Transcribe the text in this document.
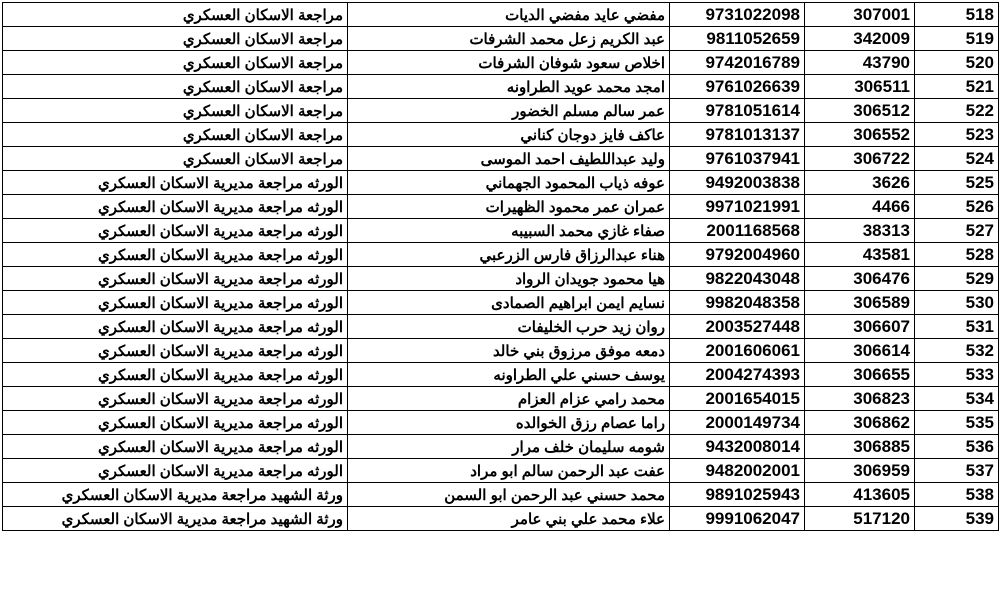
مراجعة الاسكان العسكري	مفضي عايد مفضي الديات	9731022098	307001	518
مراجعة الاسكان العسكري	عبد الكريم زعل محمد الشرفات	9811052659	342009	519
مراجعة الاسكان العسكري	اخلاص سعود شوفان الشرفات	9742016789	43790	520
مراجعة الاسكان العسكري	امجد محمد عويد الطراونه	9761026639	306511	521
مراجعة الاسكان العسكري	عمر سالم مسلم الخضور	9781051614	306512	522
مراجعة الاسكان العسكري	عاكف فايز دوجان كناني	9781013137	306552	523
مراجعة الاسكان العسكري	وليد عبداللطيف احمد الموسى	9761037941	306722	524
الورثه مراجعة مديرية الاسكان العسكري	عوفه ذياب المحمود الجهماني	9492003838	3626	525
الورثه مراجعة مديرية الاسكان العسكري	عمران عمر محمود الظهيرات	9971021991	4466	526
الورثه مراجعة مديرية الاسكان العسكري	صفاء غازي محمد السبيبه	2001168568	38313	527
الورثه مراجعة مديرية الاسكان العسكري	هناء عبدالرزاق فارس الزرعبي	9792004960	43581	528
الورثه مراجعة مديرية الاسكان العسكري	هيا محمود جويدان الرواد	9822043048	306476	529
الورثه مراجعة مديرية الاسكان العسكري	نسايم ايمن ابراهيم الصمادى	9982048358	306589	530
الورثه مراجعة مديرية الاسكان العسكري	روان زيد حرب الخليفات	2003527448	306607	531
الورثه مراجعة مديرية الاسكان العسكري	دمعه موفق مرزوق بني خالد	2001606061	306614	532
الورثه مراجعة مديرية الاسكان العسكري	يوسف حسني علي الطراونه	2004274393	306655	533
الورثه مراجعة مديرية الاسكان العسكري	محمد رامي عزام العزام	2001654015	306823	534
الورثه مراجعة مديرية الاسكان العسكري	راما عصام رزق الخوالده	2000149734	306862	535
الورثه مراجعة مديرية الاسكان العسكري	شومه سليمان خلف مرار	9432008014	306885	536
الورثه مراجعة مديرية الاسكان العسكري	عفت عبد الرحمن سالم ابو مراد	9482002001	306959	537
ورثة الشهيد مراجعة مديرية الاسكان العسكري	محمد حسني عبد الرحمن ابو السمن	9891025943	413605	538
ورثة الشهيد مراجعة مديرية الاسكان العسكري	علاء محمد علي بني عامر	9991062047	517120	539
